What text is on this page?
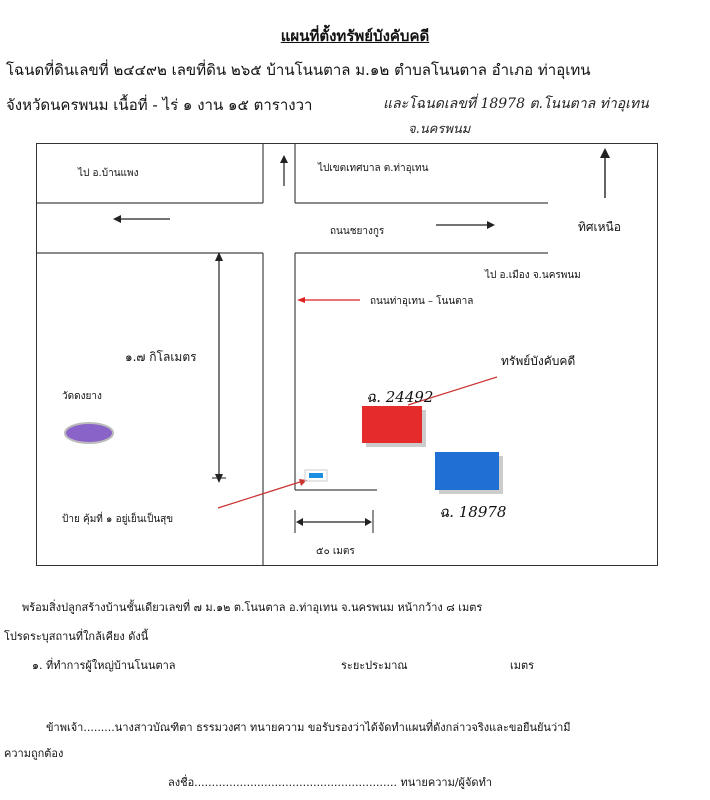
แผนที่ตั้งทรัพย์บังคับคดี
โฉนดที่ดินเลขที่ ๒๔๔๙๒ เลขที่ดิน ๒๖๕ บ้านโนนตาล ม.๑๒ ตำบลโนนตาล อำเภอ ท่าอุเทน
จังหวัดนครพนม เนื้อที่ - ไร่ ๑ งาน ๑๕ ตารางวา	และโฉนดเลขที่ 18978 ต.โนนตาล ท่าอุเทน
จ.นครพนม
ไป อ.บ้านแพง	ไปเขตเทศบาล ต.ท่าอุเทน
ถนนชยางกูร	ทิศเหนือ
ไป อ.เมือง จ.นครพนม
ถนนท่าอุเทน – โนนตาล
๑.๗ กิโลเมตร
วัดดงยาง
ทรัพย์บังคับคดี
ฉ. 24492
ฉ. 18978
ป้าย คุ้มที่ ๑ อยู่เย็นเป็นสุข
๕๐ เมตร
พร้อมสิ่งปลูกสร้างบ้านชั้นเดียวเลขที่ ๗ ม.๑๒ ต.โนนตาล อ.ท่าอุเทน จ.นครพนม หน้ากว้าง ๘ เมตร
โปรดระบุสถานที่ใกล้เคียง ดังนี้
๑. ที่ทำการผู้ใหญ่บ้านโนนตาล	ระยะประมาณ	เมตร
ข้าพเจ้า.........นางสาวบัณฑิตา ธรรมวงศา ทนายความ ขอรับรองว่าได้จัดทำแผนที่ดังกล่าวจริงและขอยืนยันว่ามี
ความถูกต้อง
ลงชื่อ.......................................................... ทนายความ/ผู้จัดทำ
